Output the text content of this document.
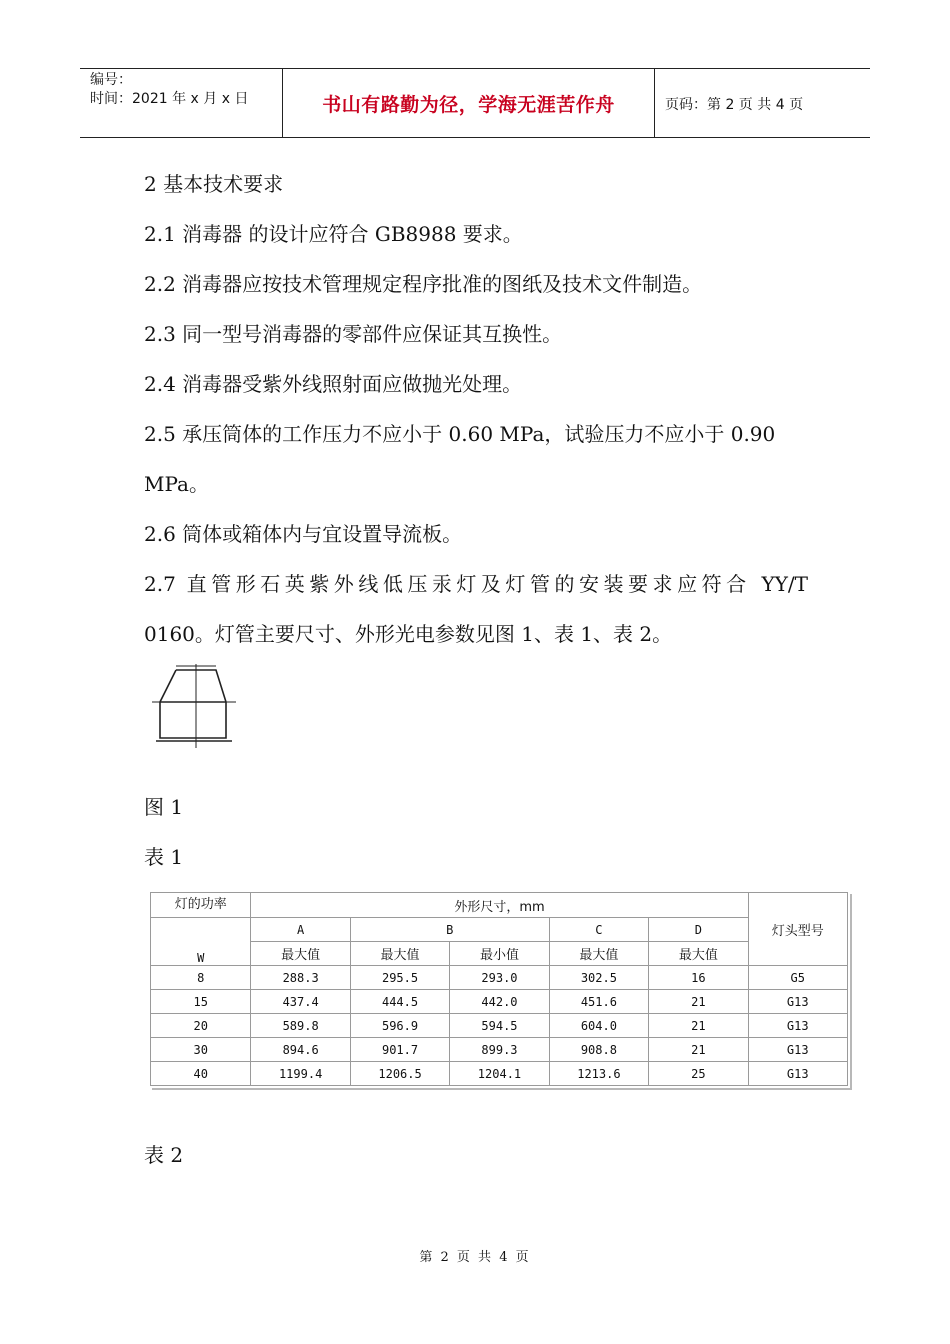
编号：
时间：2021 年 x 月 x 日	书山有路勤为径，学海无涯苦作舟	页码：第 2 页 共 4 页
2 基本技术要求
2.1 消毒器 的设计应符合 GB8988 要求。
2.2 消毒器应按技术管理规定程序批准的图纸及技术文件制造。
2.3 同一型号消毒器的零部件应保证其互换性。
2.4 消毒器受紫外线照射面应做抛光处理。
2.5 承压筒体的工作压力不应小于 0.60 MPa，试验压力不应小于 0.90
MPa。
2.6 筒体或箱体内与宜设置导流板。
2.7 直管形石英紫外线低压汞灯及灯管的安装要求应符合 YY/T
0160。灯管主要尺寸、外形光电参数见图 1、表 1、表 2。
图 1
表 1
灯的功率	外形尺寸，mm					灯头型号
W	A	B		C	D	
	最大值	最大值	最小值	最大值	最大值	
8	288.3	295.5	293.0	302.5	16	G5
15	437.4	444.5	442.0	451.6	21	G13
20	589.8	596.9	594.5	604.0	21	G13
30	894.6	901.7	899.3	908.8	21	G13
40	1199.4	1206.5	1204.1	1213.6	25	G13
表 2
第 2 页 共 4 页
